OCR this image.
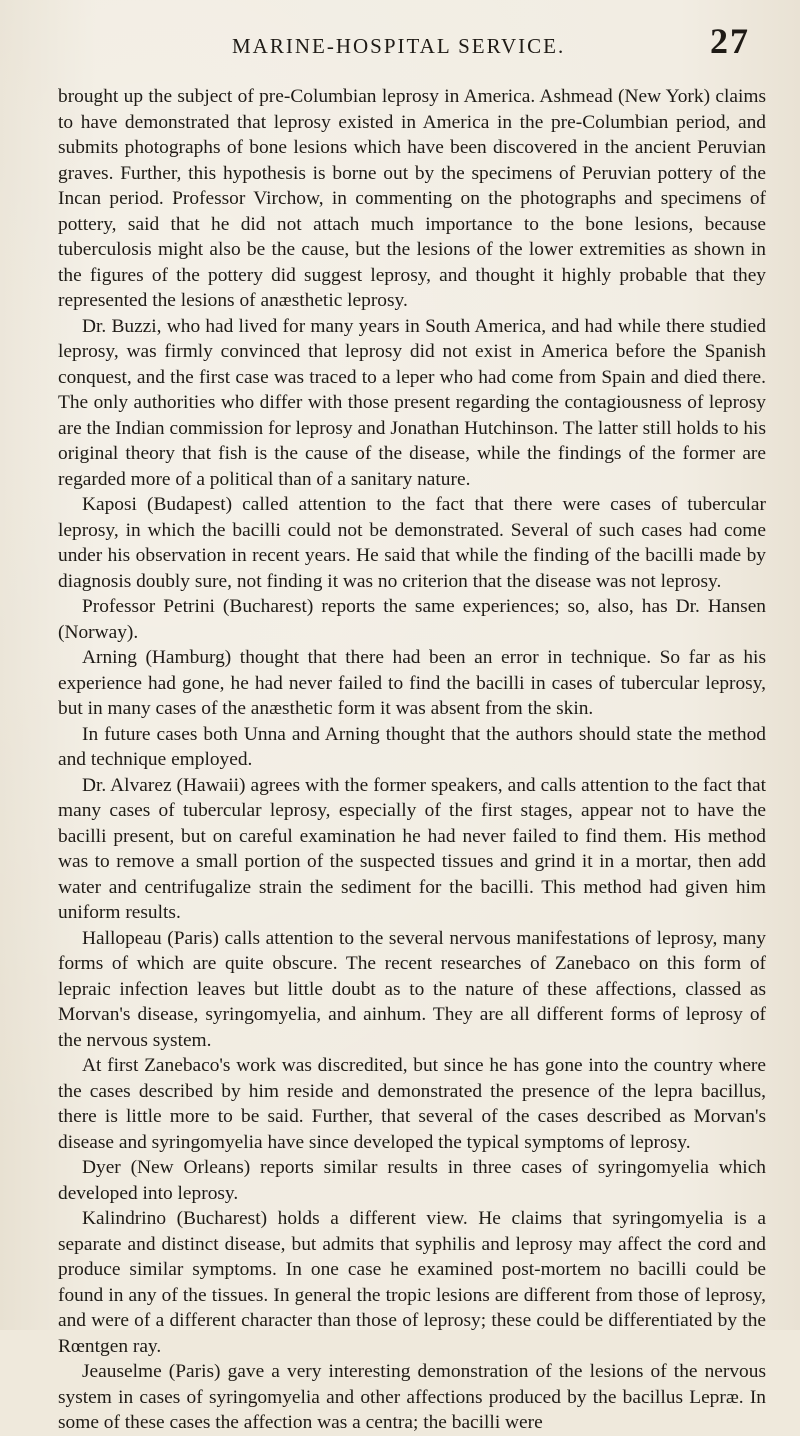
MARINE-HOSPITAL SERVICE.	27

brought up the subject of pre-Columbian leprosy in America. Ashmead (New York) claims to have demonstrated that leprosy existed in America in the pre-Columbian period, and submits photographs of bone lesions which have been discovered in the ancient Peruvian graves. Further, this hypothesis is borne out by the specimens of Peruvian pottery of the Incan period. Professor Virchow, in commenting on the photographs and specimens of pottery, said that he did not attach much importance to the bone lesions, because tuberculosis might also be the cause, but the lesions of the lower extremities as shown in the figures of the pottery did suggest leprosy, and thought it highly probable that they represented the lesions of anæsthetic leprosy.

Dr. Buzzi, who had lived for many years in South America, and had while there studied leprosy, was firmly convinced that leprosy did not exist in America before the Spanish conquest, and the first case was traced to a leper who had come from Spain and died there. The only authorities who differ with those present regarding the contagiousness of leprosy are the Indian commission for leprosy and Jonathan Hutchinson. The latter still holds to his original theory that fish is the cause of the disease, while the findings of the former are regarded more of a political than of a sanitary nature.

Kaposi (Budapest) called attention to the fact that there were cases of tubercular leprosy, in which the bacilli could not be demonstrated. Several of such cases had come under his observation in recent years. He said that while the finding of the bacilli made by diagnosis doubly sure, not finding it was no criterion that the disease was not leprosy.

Professor Petrini (Bucharest) reports the same experiences; so, also, has Dr. Hansen (Norway).

Arning (Hamburg) thought that there had been an error in technique. So far as his experience had gone, he had never failed to find the bacilli in cases of tubercular leprosy, but in many cases of the anæsthetic form it was absent from the skin.

In future cases both Unna and Arning thought that the authors should state the method and technique employed.

Dr. Alvarez (Hawaii) agrees with the former speakers, and calls attention to the fact that many cases of tubercular leprosy, especially of the first stages, appear not to have the bacilli present, but on careful examination he had never failed to find them. His method was to remove a small portion of the suspected tissues and grind it in a mortar, then add water and centrifugalize strain the sediment for the bacilli. This method had given him uniform results.

Hallopeau (Paris) calls attention to the several nervous manifestations of leprosy, many forms of which are quite obscure. The recent researches of Zanebaco on this form of lepraic infection leaves but little doubt as to the nature of these affections, classed as Morvan's disease, syringomyelia, and ainhum. They are all different forms of leprosy of the nervous system.

At first Zanebaco's work was discredited, but since he has gone into the country where the cases described by him reside and demonstrated the presence of the lepra bacillus, there is little more to be said. Further, that several of the cases described as Morvan's disease and syringomyelia have since developed the typical symptoms of leprosy.

Dyer (New Orleans) reports similar results in three cases of syringomyelia which developed into leprosy.

Kalindrino (Bucharest) holds a different view. He claims that syringomyelia is a separate and distinct disease, but admits that syphilis and leprosy may affect the cord and produce similar symptoms. In one case he examined post-mortem no bacilli could be found in any of the tissues. In general the tropic lesions are different from those of leprosy, and were of a different character than those of leprosy; these could be differentiated by the Rœntgen ray.

Jeauselme (Paris) gave a very interesting demonstration of the lesions of the nervous system in cases of syringomyelia and other affections produced by the bacillus Lepræ. In some of these cases the affection was a centra; the bacilli were
